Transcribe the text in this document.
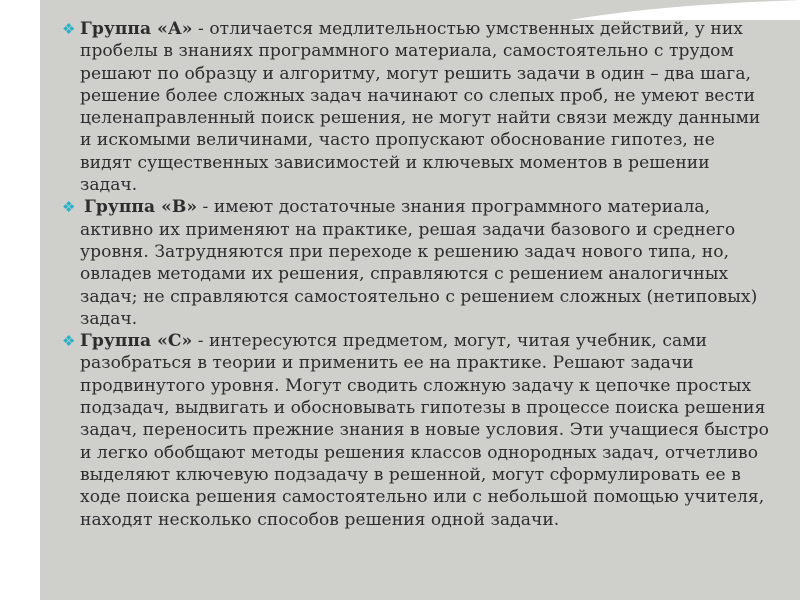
❖ Группа «А» - отличается медлительностью умственных действий, у них пробелы в знаниях программного материала, самостоятельно с трудом решают по образцу и алгоритму, могут решить задачи в один – два шага, решение более сложных задач начинают со слепых проб, не умеют вести целенаправленный поиск решения, не могут найти связи между данными и искомыми величинами, часто пропускают обоснование гипотез, не видят существенных зависимостей и ключевых моментов в решении задач.
❖ Группа «В» - имеют достаточные знания программного материала, активно их применяют на практике, решая задачи базового и среднего уровня. Затрудняются при переходе к решению задач нового типа, но, овладев методами их решения, справляются с решением аналогичных задач; не справляются самостоятельно с решением сложных (нетиповых) задач.
❖ Группа «С» - интересуются предметом, могут, читая учебник, сами разобраться в теории и применить ее на практике. Решают задачи продвинутого уровня. Могут сводить сложную задачу к цепочке простых подзадач, выдвигать и обосновывать гипотезы в процессе поиска решения задач, переносить прежние знания в новые условия. Эти учащиеся быстро и легко обобщают методы решения классов однородных задач, отчетливо выделяют ключевую подзадачу в решенной, могут сформулировать ее в ходе поиска решения самостоятельно или с небольшой помощью учителя, находят несколько способов решения одной задачи.
